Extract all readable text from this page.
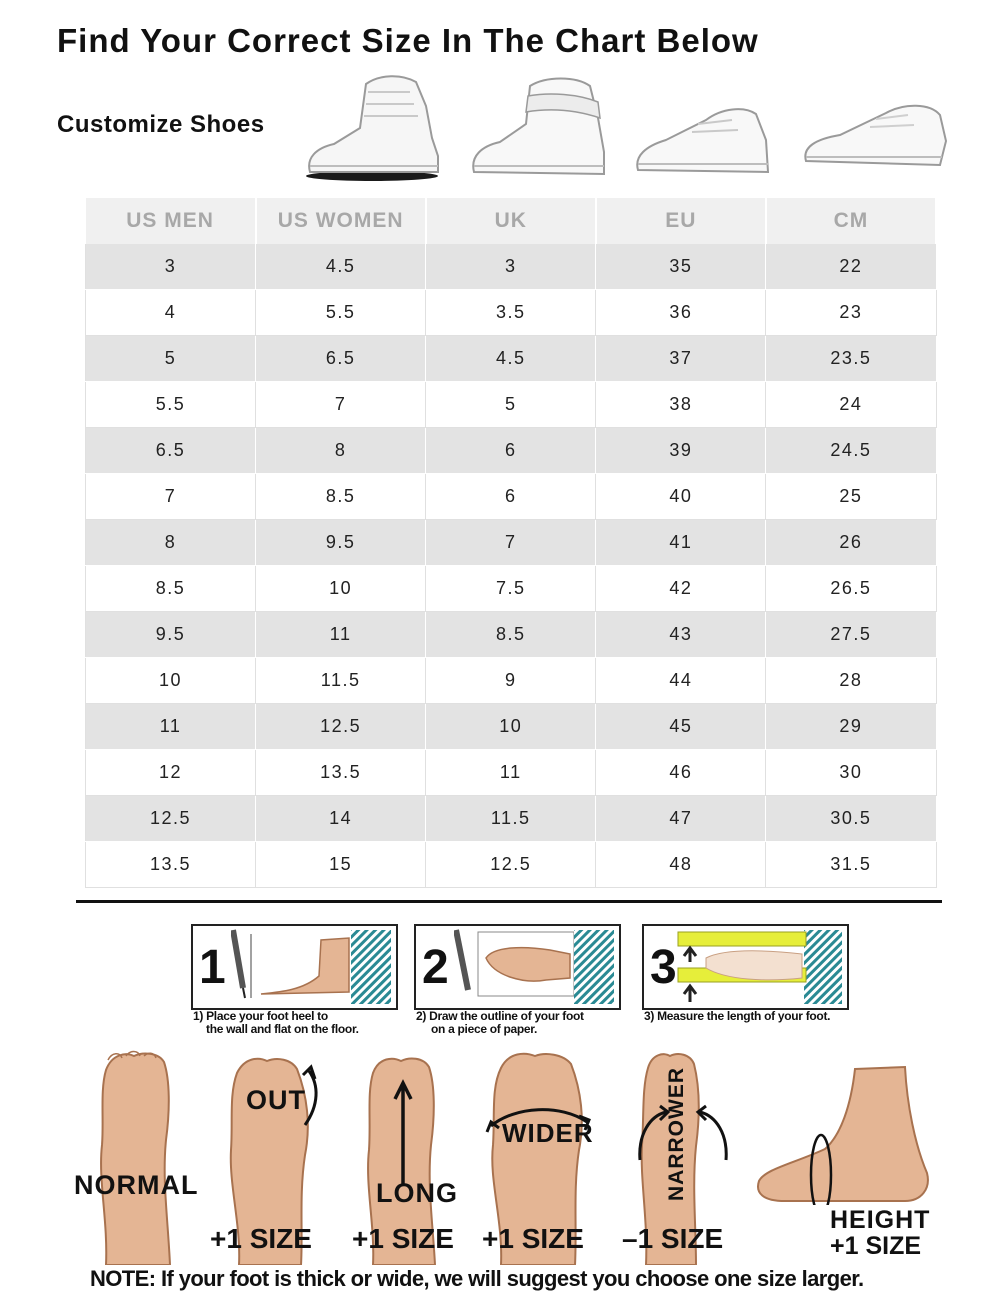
Find Your Correct Size In The Chart Below
Customize Shoes
US MEN	US WOMEN	UK	EU	CM
3	4.5	3	35	22
4	5.5	3.5	36	23
5	6.5	4.5	37	23.5
5.5	7	5	38	24
6.5	8	6	39	24.5
7	8.5	6	40	25
8	9.5	7	41	26
8.5	10	7.5	42	26.5
9.5	11	8.5	43	27.5
10	11.5	9	44	28
11	12.5	10	45	29
12	13.5	11	46	30
12.5	14	11.5	47	30.5
13.5	15	12.5	48	31.5
1	2	3
1) Place your foot heel to
the wall and flat on the floor.
2) Draw the outline of your foot
on a piece of paper.
3) Measure the length of your foot.
NORMAL
OUT
LONG
WIDER	NARROWER
HEIGHT
+1 SIZE +1 SIZE +1 SIZE –1 SIZE	+1 SIZE
NOTE: If your foot is thick or wide, we will suggest you choose one size larger.
